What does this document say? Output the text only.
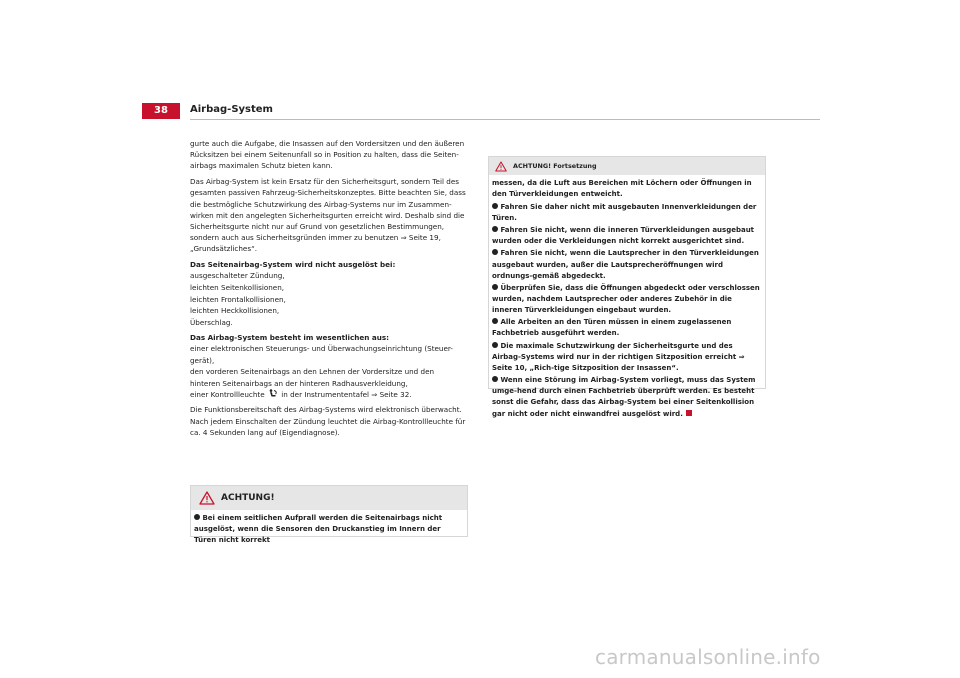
38	Airbag-System

gurte auch die Aufgabe, die Insassen auf den Vordersitzen und den äußeren Rücksitzen bei einem Seitenunfall so in Position zu halten, dass die Seiten-airbags maximalen Schutz bieten kann.

Das Airbag-System ist kein Ersatz für den Sicherheitsgurt, sondern Teil des gesamten passiven Fahrzeug-Sicherheitskonzeptes. Bitte beachten Sie, dass die bestmögliche Schutzwirkung des Airbag-Systems nur im Zusammen-wirken mit den angelegten Sicherheitsgurten erreicht wird. Deshalb sind die Sicherheitsgurte nicht nur auf Grund von gesetzlichen Bestimmungen, sondern auch aus Sicherheitsgründen immer zu benutzen ⇒ Seite 19, „Grundsätzliches“.

Das Seitenairbag-System wird nicht ausgelöst bei:

ausgeschalteter Zündung,
leichten Seitenkollisionen,
leichten Frontalkollisionen,
leichten Heckkollisionen,
Überschlag.

Das Airbag-System besteht im wesentlichen aus:

einer elektronischen Steuerungs- und Überwachungseinrichtung (Steuer-gerät),
den vorderen Seitenairbags an den Lehnen der Vordersitze und den hinteren Seitenairbags an der hinteren Radhausverkleidung,
einer Kontrollleuchte in der Instrumententafel ⇒ Seite 32.

Die Funktionsbereitschaft des Airbag-Systems wird elektronisch überwacht. Nach jedem Einschalten der Zündung leuchtet die Airbag-Kontrollleuchte für ca. 4 Sekunden lang auf (Eigendiagnose).

ACHTUNG!
Bei einem seitlichen Aufprall werden die Seitenairbags nicht ausgelöst, wenn die Sensoren den Druckanstieg im Innern der Türen nicht korrekt
ACHTUNG! Fortsetzung

messen, da die Luft aus Bereichen mit Löchern oder Öffnungen in den Türverkleidungen entweicht.

Fahren Sie daher nicht mit ausgebauten Innenverkleidungen der Türen.
Fahren Sie nicht, wenn die inneren Türverkleidungen ausgebaut wurden oder die Verkleidungen nicht korrekt ausgerichtet sind.
Fahren Sie nicht, wenn die Lautsprecher in den Türverkleidungen ausgebaut wurden, außer die Lautsprecheröffnungen wird ordnungs-gemäß abgedeckt.
Überprüfen Sie, dass die Öffnungen abgedeckt oder verschlossen wurden, nachdem Lautsprecher oder anderes Zubehör in die inneren Türverkleidungen eingebaut wurden.
Alle Arbeiten an den Türen müssen in einem zugelassenen Fachbetrieb ausgeführt werden.
Die maximale Schutzwirkung der Sicherheitsgurte und des Airbag-Systems wird nur in der richtigen Sitzposition erreicht ⇒ Seite 10, „Rich-tige Sitzposition der Insassen“.
Wenn eine Störung im Airbag-System vorliegt, muss das System umge-hend durch einen Fachbetrieb überprüft werden. Es besteht sonst die Gefahr, dass das Airbag-System bei einer Seitenkollision gar nicht oder nicht einwandfrei ausgelöst wird.
carmanualsonline.info
